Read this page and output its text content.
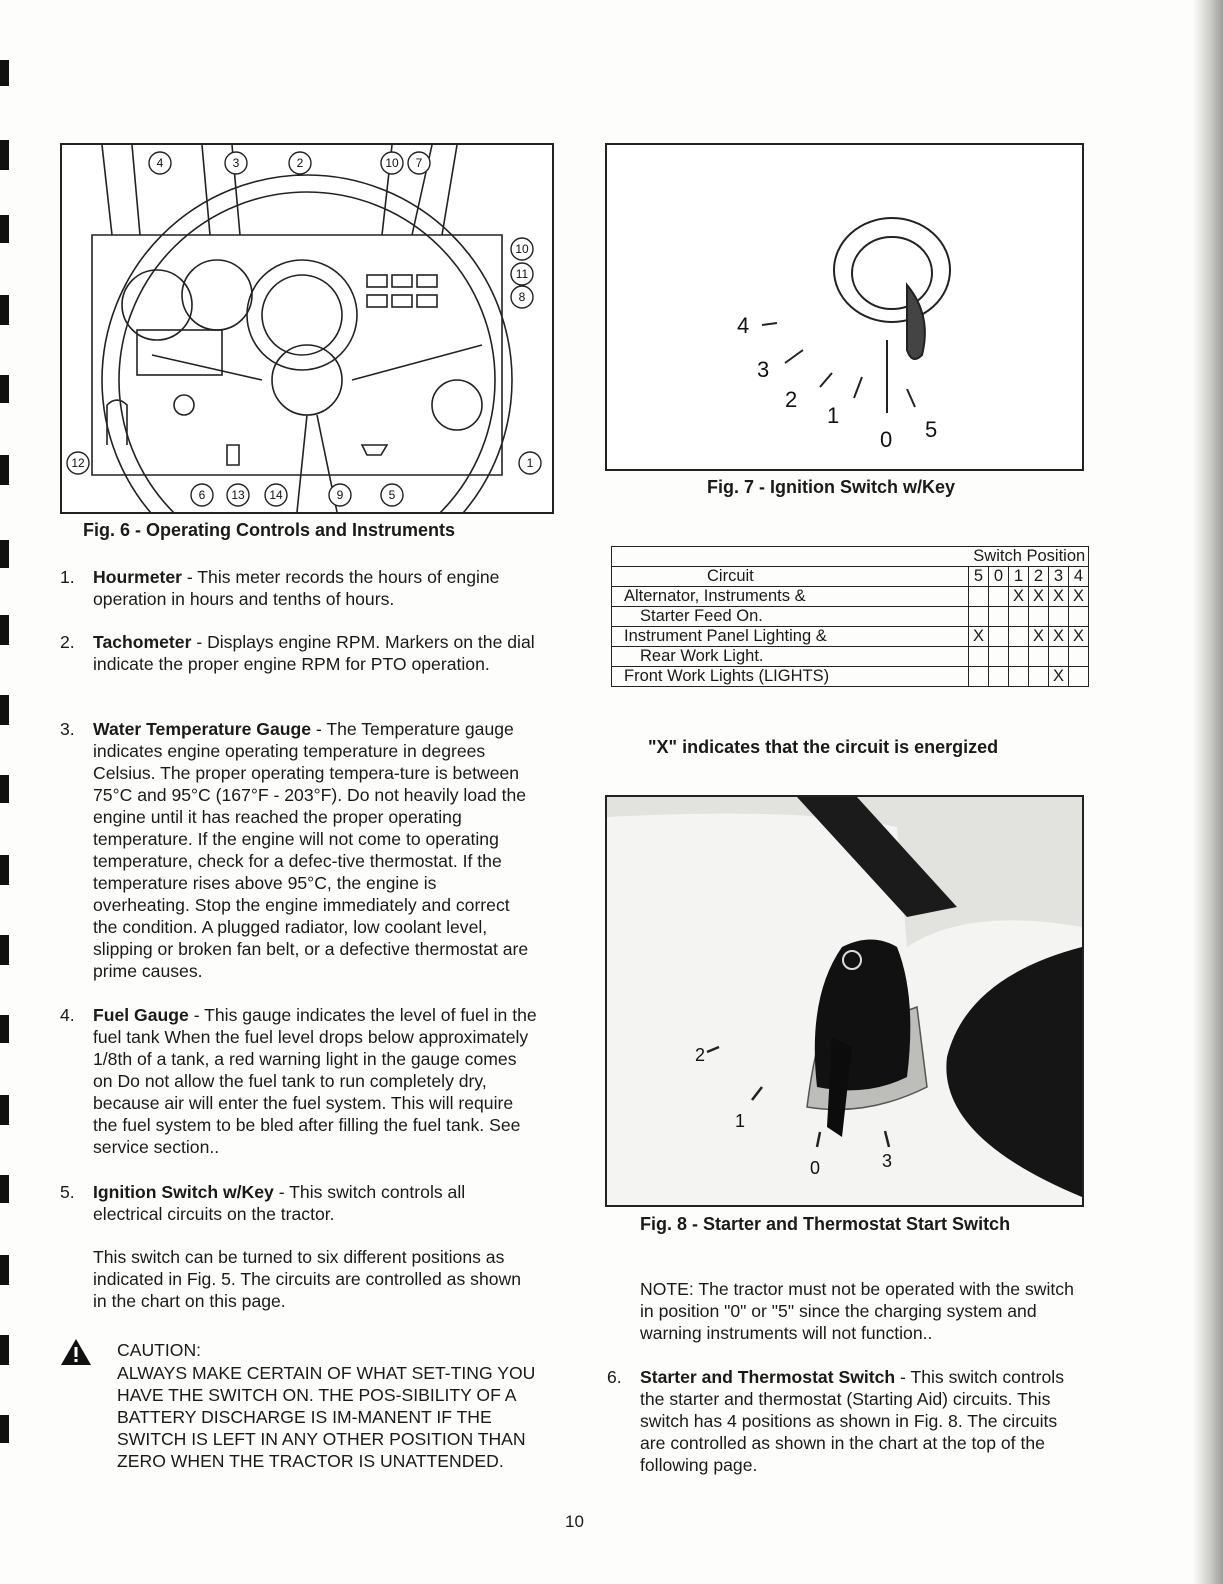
4	3	2	10 7
10
11
8
12	1
6 13 14	9	5
Fig. 6 - Operating Controls and Instruments
4
3
2
1
0 5
Fig. 7 - Ignition Switch w/Key
	Switch Position					
Circuit	5	0	1	2	3	4
Alternator, Instruments &			X	X	X	X
Starter Feed On.						
Instrument Panel Lighting &	X			X	X	X
Rear Work Light.						
Front Work Lights (LIGHTS)					X	
"X" indicates that the circuit is energized
2
1
0	3
Fig. 8 - Starter and Thermostat Start Switch
1. Hourmeter - This meter records the hours of engine operation in hours and tenths of hours.
2. Tachometer - Displays engine RPM. Markers on the dial indicate the proper engine RPM for PTO operation.
3. Water Temperature Gauge - The Temperature gauge indicates engine operating temperature in degrees Celsius. The proper operating tempera-ture is between 75°C and 95°C (167°F - 203°F). Do not heavily load the engine until it has reached the proper operating temperature. If the engine will not come to operating temperature, check for a defec-tive thermostat. If the temperature rises above 95°C, the engine is overheating. Stop the engine immediately and correct the condition. A plugged radiator, low coolant level, slipping or broken fan belt, or a defective thermostat are prime causes.
4. Fuel Gauge - This gauge indicates the level of fuel in the fuel tank When the fuel level drops below approximately 1/8th of a tank, a red warning light in the gauge comes on Do not allow the fuel tank to run completely dry, because air will enter the fuel system. This will require the fuel system to be bled after filling the fuel tank. See service section..
5. Ignition Switch w/Key - This switch controls all electrical circuits on the tractor.
This switch can be turned to six different positions as indicated in Fig. 5. The circuits are controlled as shown in the chart on this page.
CAUTION:
ALWAYS MAKE CERTAIN OF WHAT SET-TING YOU HAVE THE SWITCH ON. THE POS-SIBILITY OF A BATTERY DISCHARGE IS IM-MANENT IF THE SWITCH IS LEFT IN ANY OTHER POSITION THAN ZERO WHEN THE TRACTOR IS UNATTENDED.
NOTE: The tractor must not be operated with the switch in position "0" or "5" since the charging system and warning instruments will not function..
6. Starter and Thermostat Switch - This switch controls the starter and thermostat (Starting Aid) circuits. This switch has 4 positions as shown in Fig. 8. The circuits are controlled as shown in the chart at the top of the following page.
10
